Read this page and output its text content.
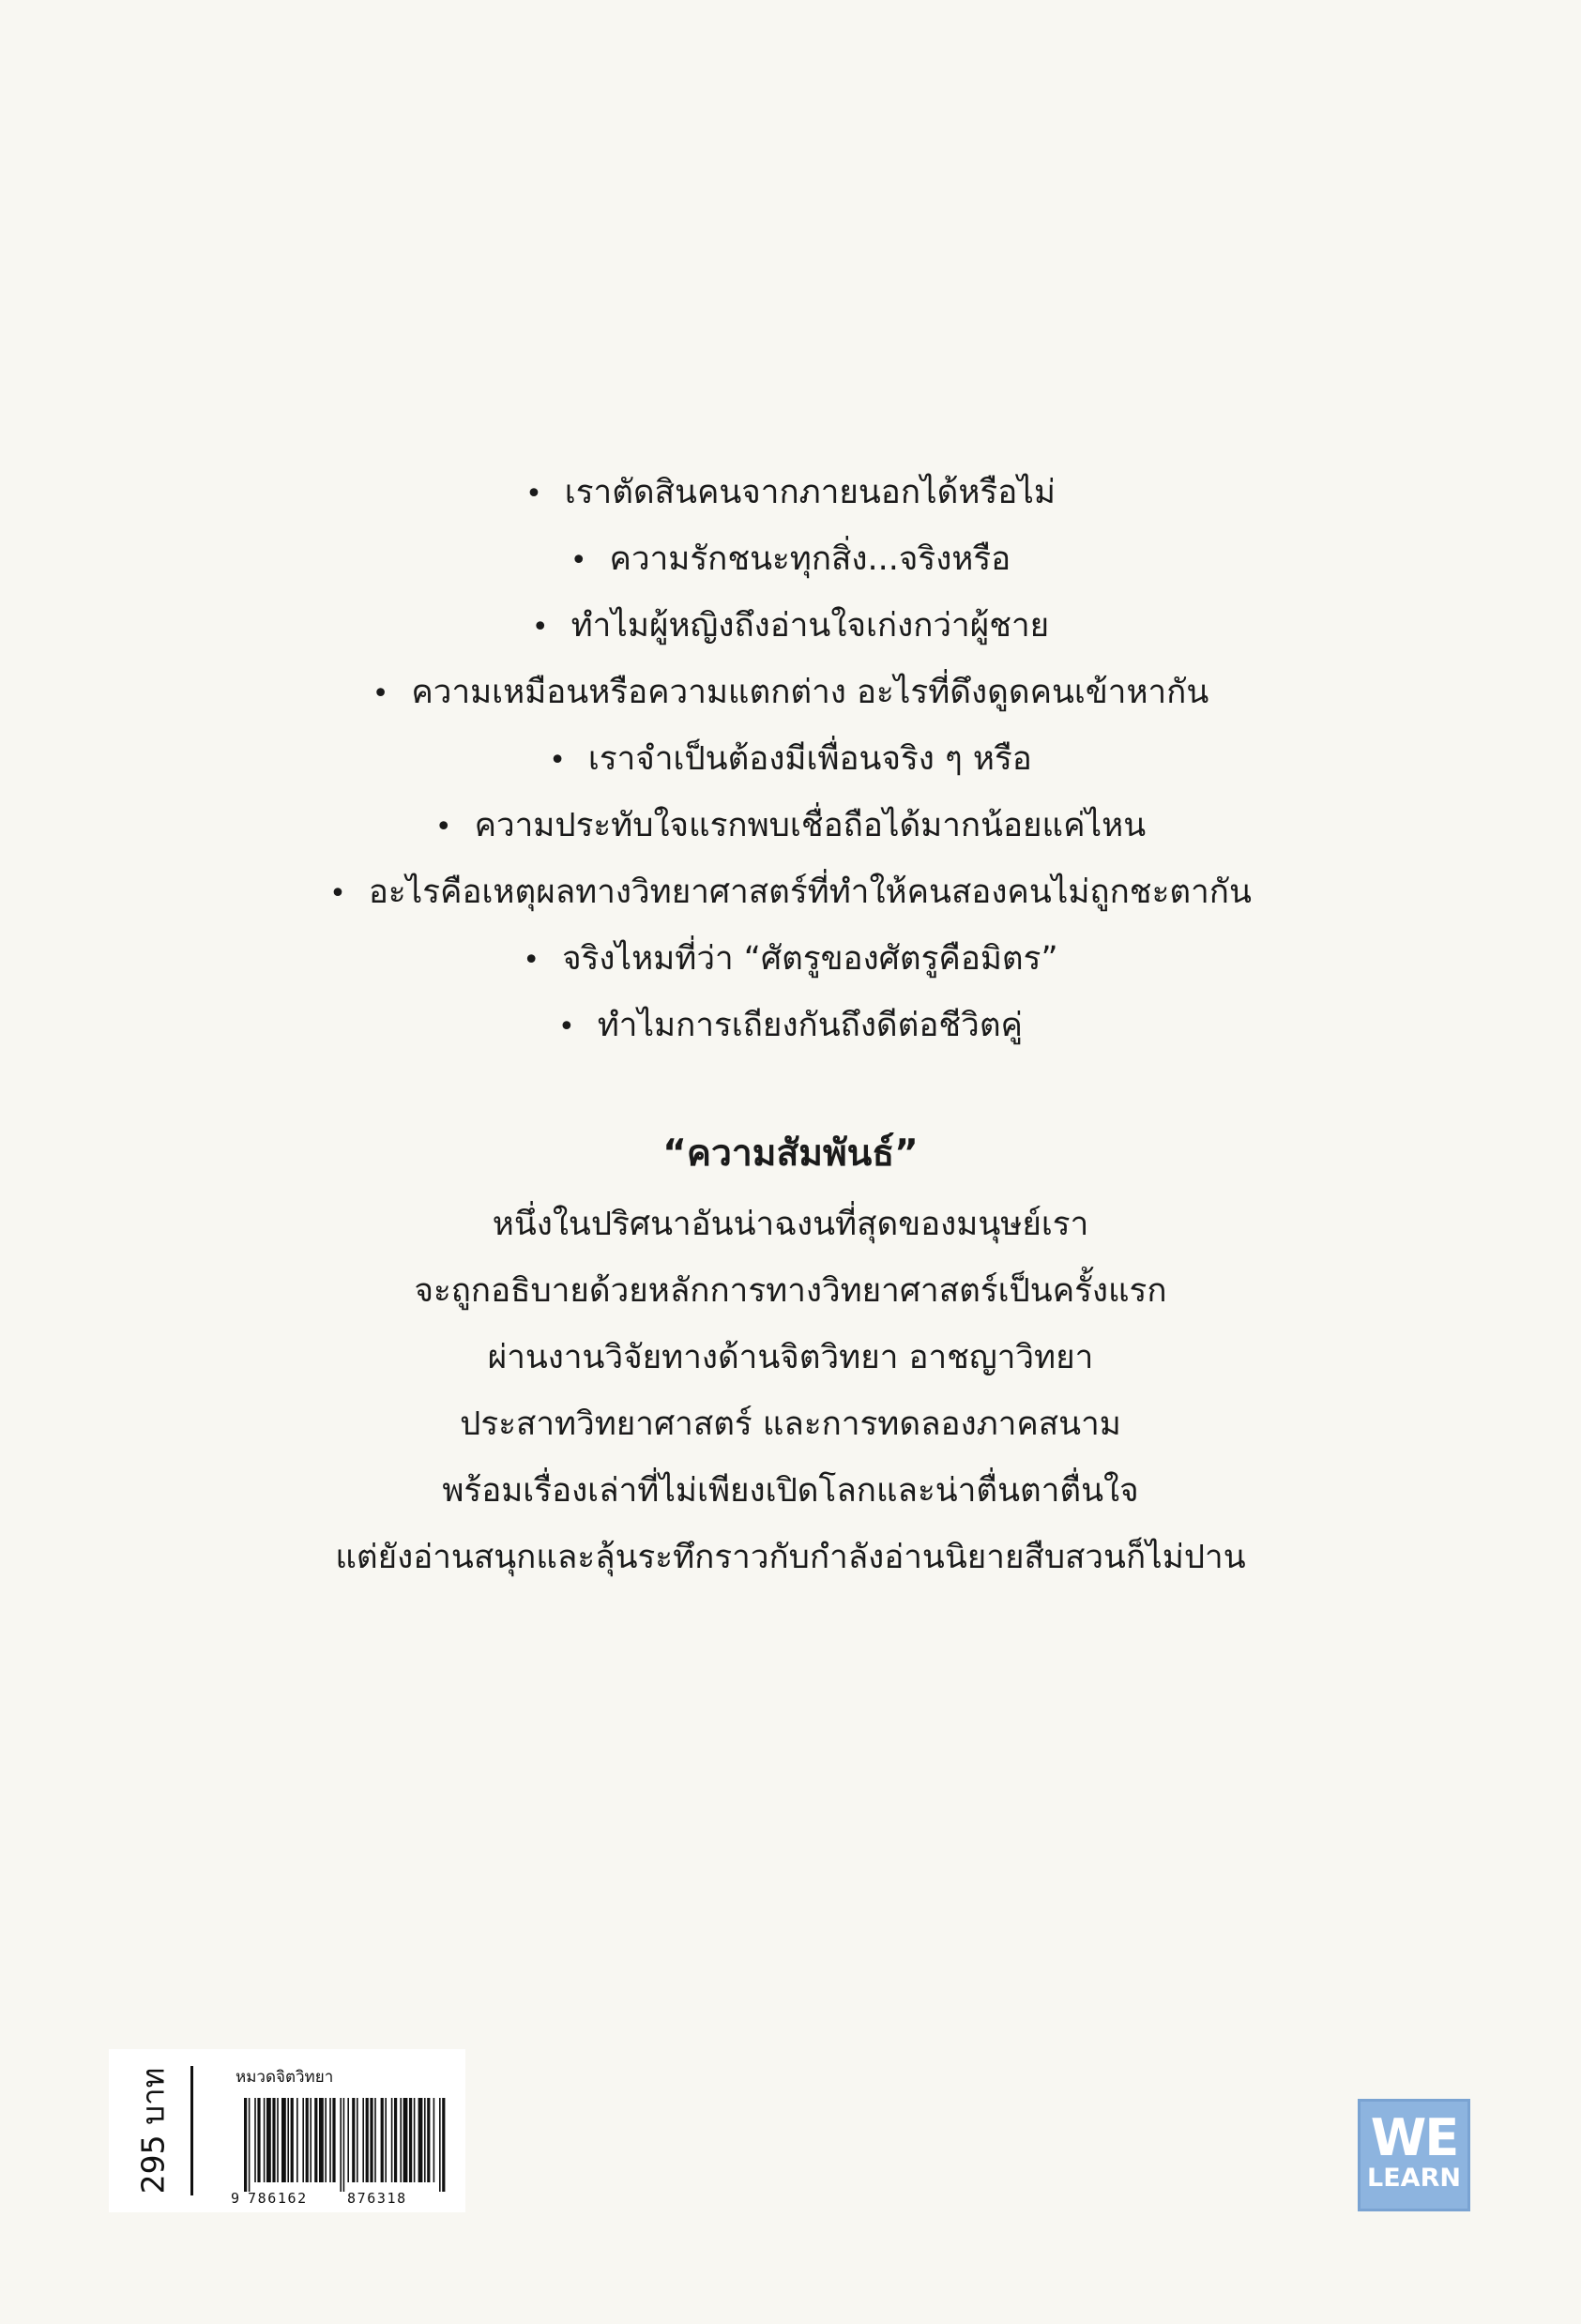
• เราตัดสินคนจากภายนอกได้หรือไม่
• ความรักชนะทุกสิ่ง...จริงหรือ
• ทำไมผู้หญิงถึงอ่านใจเก่งกว่าผู้ชาย
• ความเหมือนหรือความแตกต่าง อะไรที่ดึงดูดคนเข้าหากัน
• เราจำเป็นต้องมีเพื่อนจริง ๆ หรือ
• ความประทับใจแรกพบเชื่อถือได้มากน้อยแค่ไหน
• อะไรคือเหตุผลทางวิทยาศาสตร์ที่ทำให้คนสองคนไม่ถูกชะตากัน
• จริงไหมที่ว่า “ศัตรูของศัตรูคือมิตร”
• ทำไมการเถียงกันถึงดีต่อชีวิตคู่
“ความสัมพันธ์”
หนึ่งในปริศนาอันน่าฉงนที่สุดของมนุษย์เรา
จะถูกอธิบายด้วยหลักการทางวิทยาศาสตร์เป็นครั้งแรก
ผ่านงานวิจัยทางด้านจิตวิทยา อาชญาวิทยา
ประสาทวิทยาศาสตร์ และการทดลองภาคสนาม
พร้อมเรื่องเล่าที่ไม่เพียงเปิดโลกและน่าตื่นตาตื่นใจ
แต่ยังอ่านสนุกและลุ้นระทึกราวกับกำลังอ่านนิยายสืบสวนก็ไม่ปาน
295 บาท	หมวดจิตวิทยา
9 786162	876318
WE
LEARN
